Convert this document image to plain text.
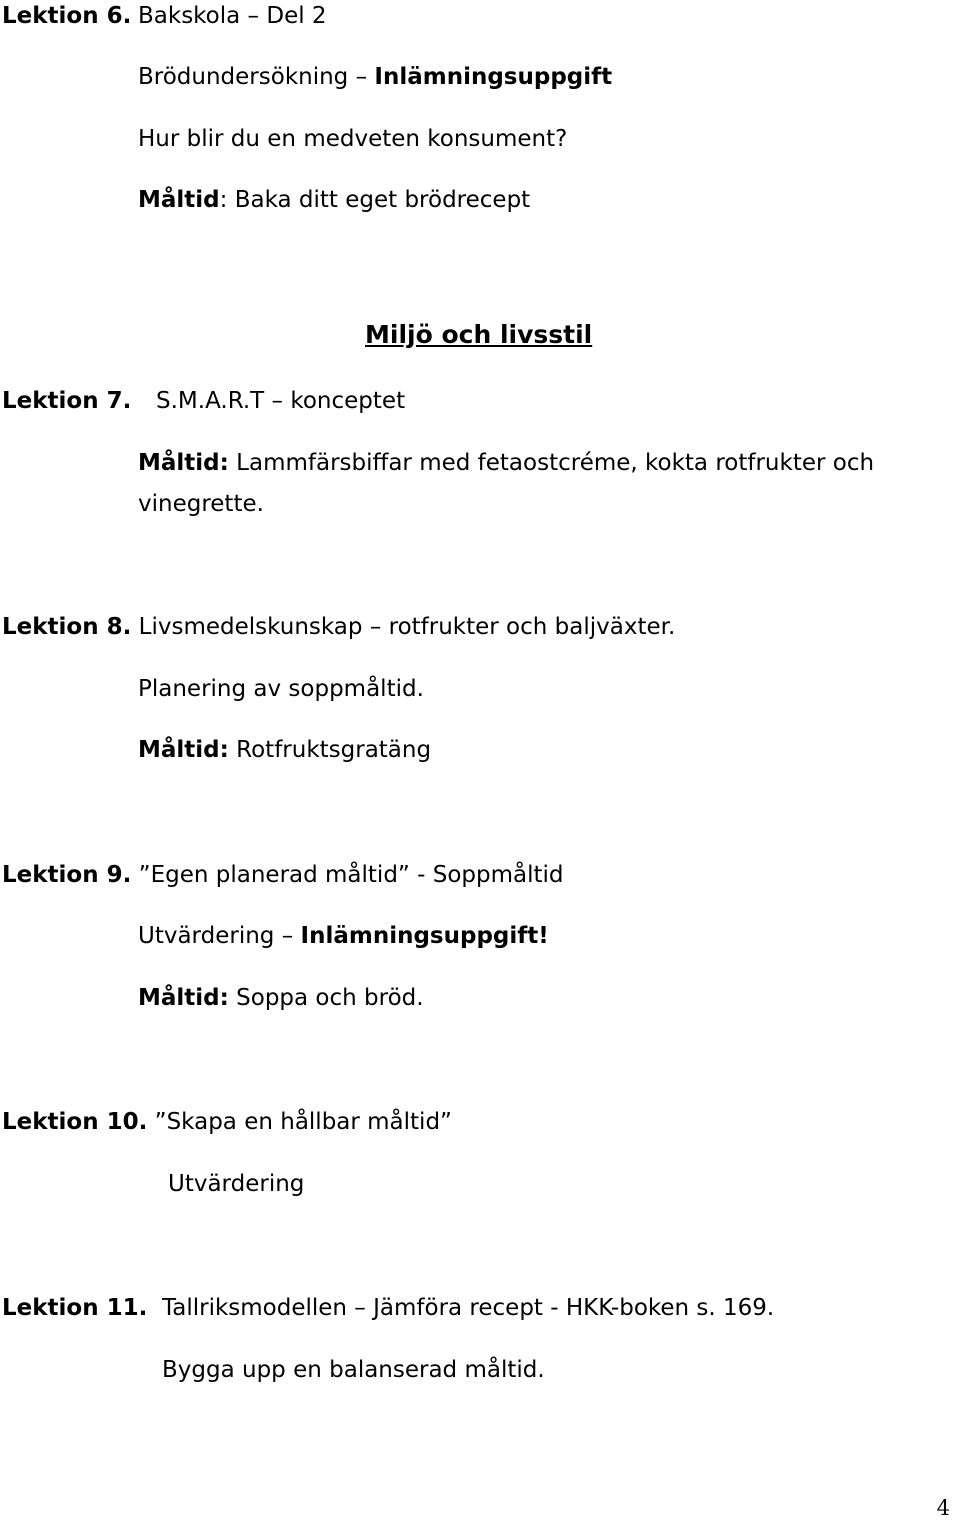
Lektion 6. Bakskola – Del 2
Brödundersökning – Inlämningsuppgift
Hur blir du en medveten konsument?
Måltid: Baka ditt eget brödrecept
Miljö och livsstil
Lektion 7. S.M.A.R.T – konceptet
Måltid: Lammfärsbiffar med fetaostcréme, kokta rotfrukter och
vinegrette.
Lektion 8. Livsmedelskunskap – rotfrukter och baljväxter.
Planering av soppmåltid.
Måltid: Rotfruktsgratäng
Lektion 9. ”Egen planerad måltid” - Soppmåltid
Utvärdering – Inlämningsuppgift!
Måltid: Soppa och bröd.
Lektion 10. ”Skapa en hållbar måltid”
Utvärdering
Lektion 11. Tallriksmodellen – Jämföra recept - HKK-boken s. 169.
Bygga upp en balanserad måltid.
4
